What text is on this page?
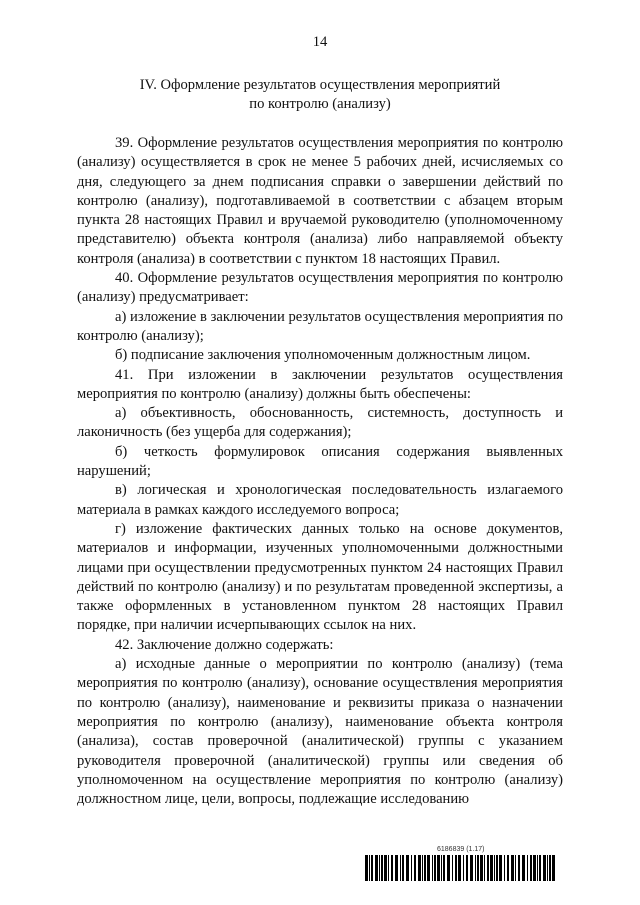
14
IV. Оформление результатов осуществления мероприятий
по контролю (анализу)

39. Оформление результатов осуществления мероприятия по контролю (анализу) осуществляется в срок не менее 5 рабочих дней, исчисляемых со дня, следующего за днем подписания справки о завершении действий по контролю (анализу), подготавливаемой в соответствии с абзацем вторым пункта 28 настоящих Правил и вручаемой руководителю (уполномоченному представителю) объекта контроля (анализа) либо направляемой объекту контроля (анализа) в соответствии с пунктом 18 настоящих Правил.

40. Оформление результатов осуществления мероприятия по контролю (анализу) предусматривает:

а) изложение в заключении результатов осуществления мероприятия по контролю (анализу);

б) подписание заключения уполномоченным должностным лицом.

41. При изложении в заключении результатов осуществления мероприятия по контролю (анализу) должны быть обеспечены:

а) объективность, обоснованность, системность, доступность и лаконичность (без ущерба для содержания);

б) четкость формулировок описания содержания выявленных нарушений;

в) логическая и хронологическая последовательность излагаемого материала в рамках каждого исследуемого вопроса;

г) изложение фактических данных только на основе документов, материалов и информации, изученных уполномоченными должностными лицами при осуществлении предусмотренных пунктом 24 настоящих Правил действий по контролю (анализу) и по результатам проведенной экспертизы, а также оформленных в установленном пунктом 28 настоящих Правил порядке, при наличии исчерпывающих ссылок на них.

42. Заключение должно содержать:

а) исходные данные о мероприятии по контролю (анализу) (тема мероприятия по контролю (анализу), основание осуществления мероприятия по контролю (анализу), наименование и реквизиты приказа о назначении мероприятия по контролю (анализу), наименование объекта контроля (анализа), состав проверочной (аналитической) группы с указанием руководителя проверочной (аналитической) группы или сведения об уполномоченном на осуществление мероприятия по контролю (анализу) должностном лице, цели, вопросы, подлежащие исследованию

6186839 (1.17)
